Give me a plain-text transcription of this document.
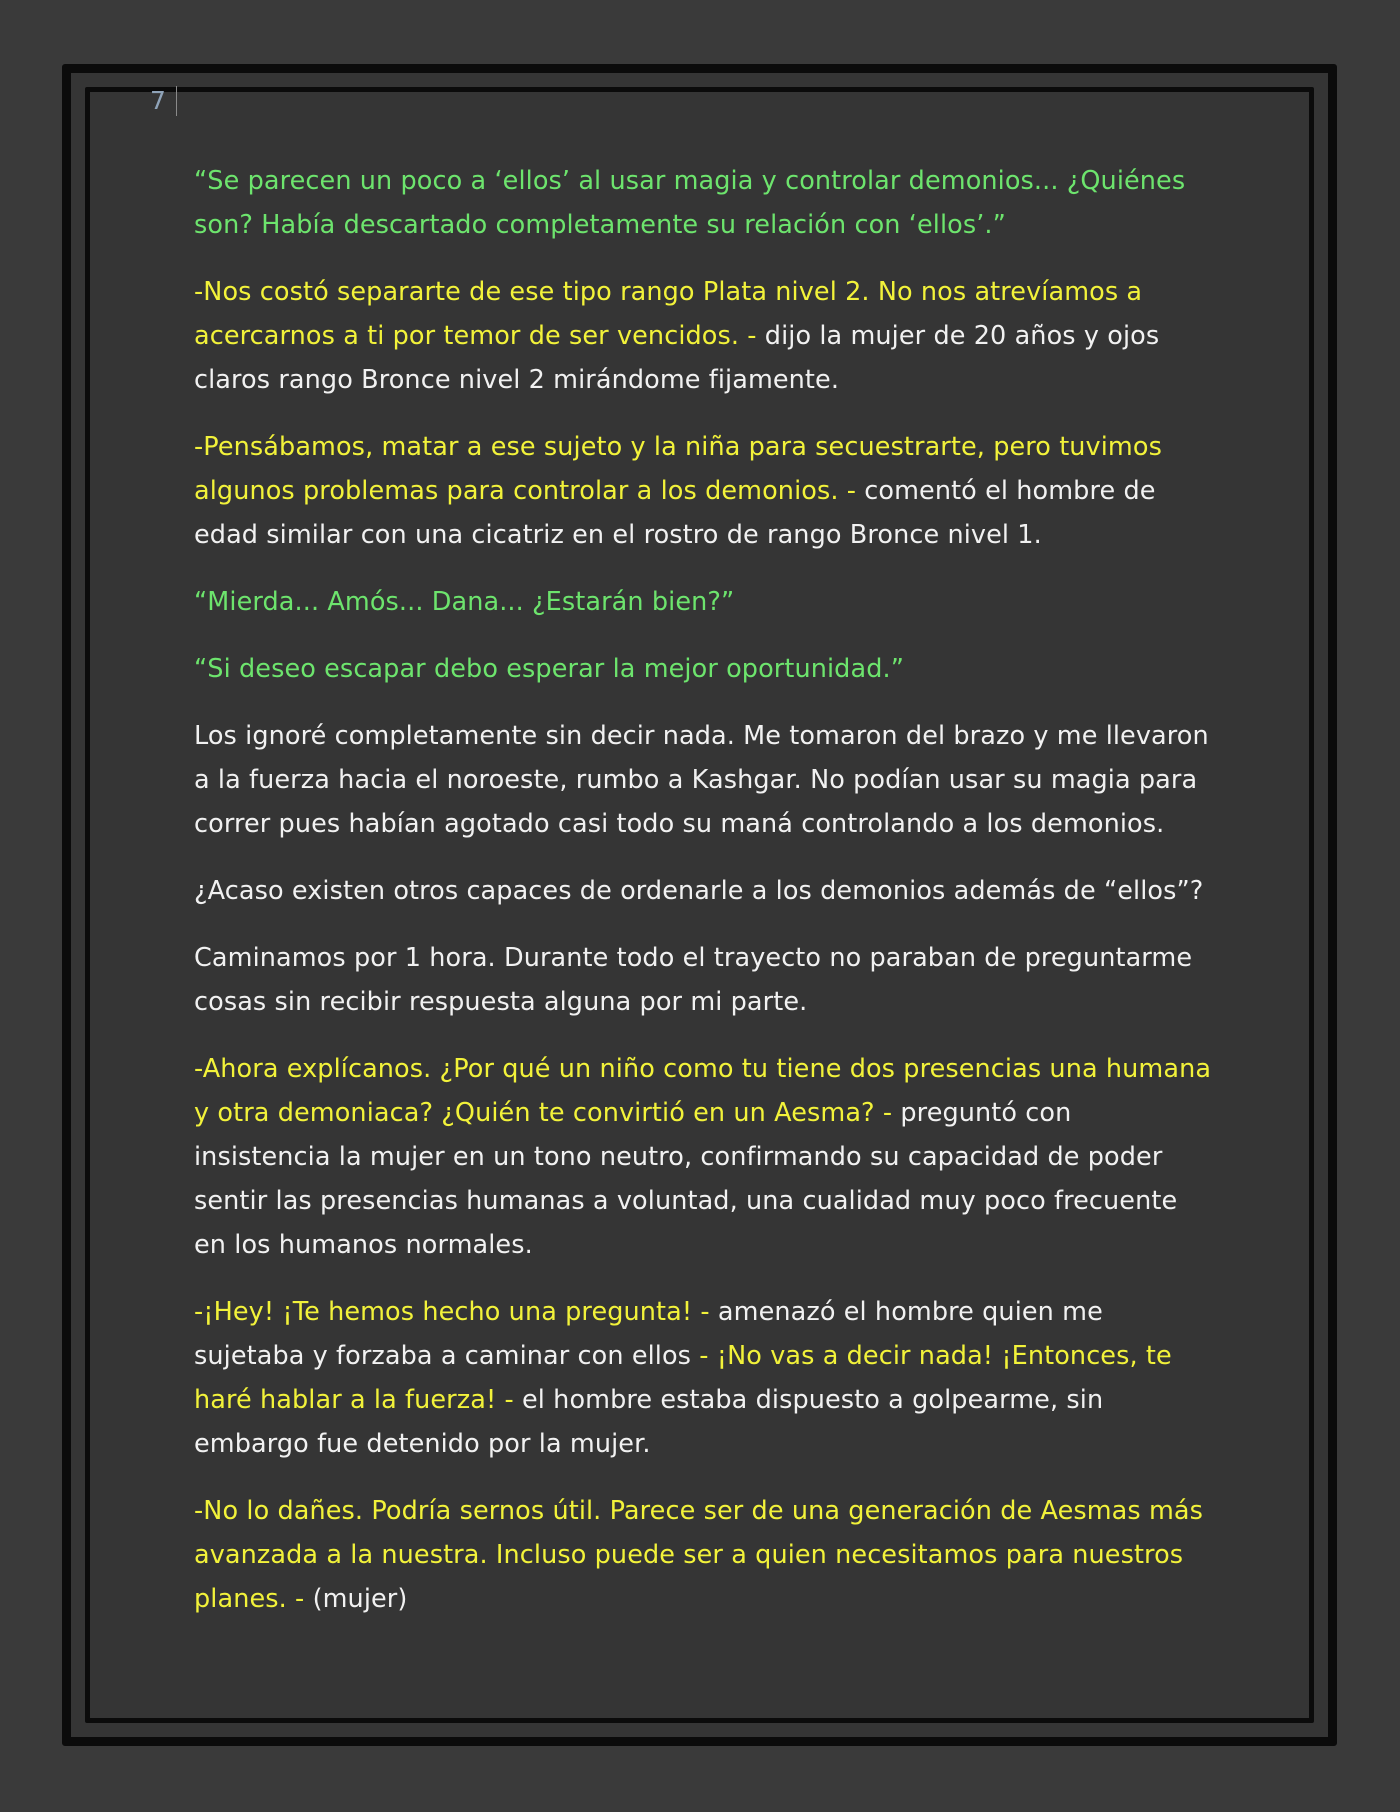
7

“Se parecen un poco a ‘ellos’ al usar magia y controlar demonios... ¿Quiénes son? Había descartado completamente su relación con ‘ellos’.”

-Nos costó separarte de ese tipo rango Plata nivel 2. No nos atrevíamos a acercarnos a ti por temor de ser vencidos. - dijo la mujer de 20 años y ojos claros rango Bronce nivel 2 mirándome fijamente.

-Pensábamos, matar a ese sujeto y la niña para secuestrarte, pero tuvimos algunos problemas para controlar a los demonios. - comentó el hombre de edad similar con una cicatriz en el rostro de rango Bronce nivel 1.

“Mierda... Amós... Dana... ¿Estarán bien?”

“Si deseo escapar debo esperar la mejor oportunidad.”

Los ignoré completamente sin decir nada. Me tomaron del brazo y me llevaron a la fuerza hacia el noroeste, rumbo a Kashgar. No podían usar su magia para correr pues habían agotado casi todo su maná controlando a los demonios.

¿Acaso existen otros capaces de ordenarle a los demonios además de “ellos”?

Caminamos por 1 hora. Durante todo el trayecto no paraban de preguntarme cosas sin recibir respuesta alguna por mi parte.

-Ahora explícanos. ¿Por qué un niño como tu tiene dos presencias una humana y otra demoniaca? ¿Quién te convirtió en un Aesma? - preguntó con insistencia la mujer en un tono neutro, confirmando su capacidad de poder sentir las presencias humanas a voluntad, una cualidad muy poco frecuente en los humanos normales.

-¡Hey! ¡Te hemos hecho una pregunta! - amenazó el hombre quien me sujetaba y forzaba a caminar con ellos - ¡No vas a decir nada! ¡Entonces, te haré hablar a la fuerza! - el hombre estaba dispuesto a golpearme, sin embargo fue detenido por la mujer.

-No lo dañes. Podría sernos útil. Parece ser de una generación de Aesmas más avanzada a la nuestra. Incluso puede ser a quien necesitamos para nuestros planes. - (mujer)
